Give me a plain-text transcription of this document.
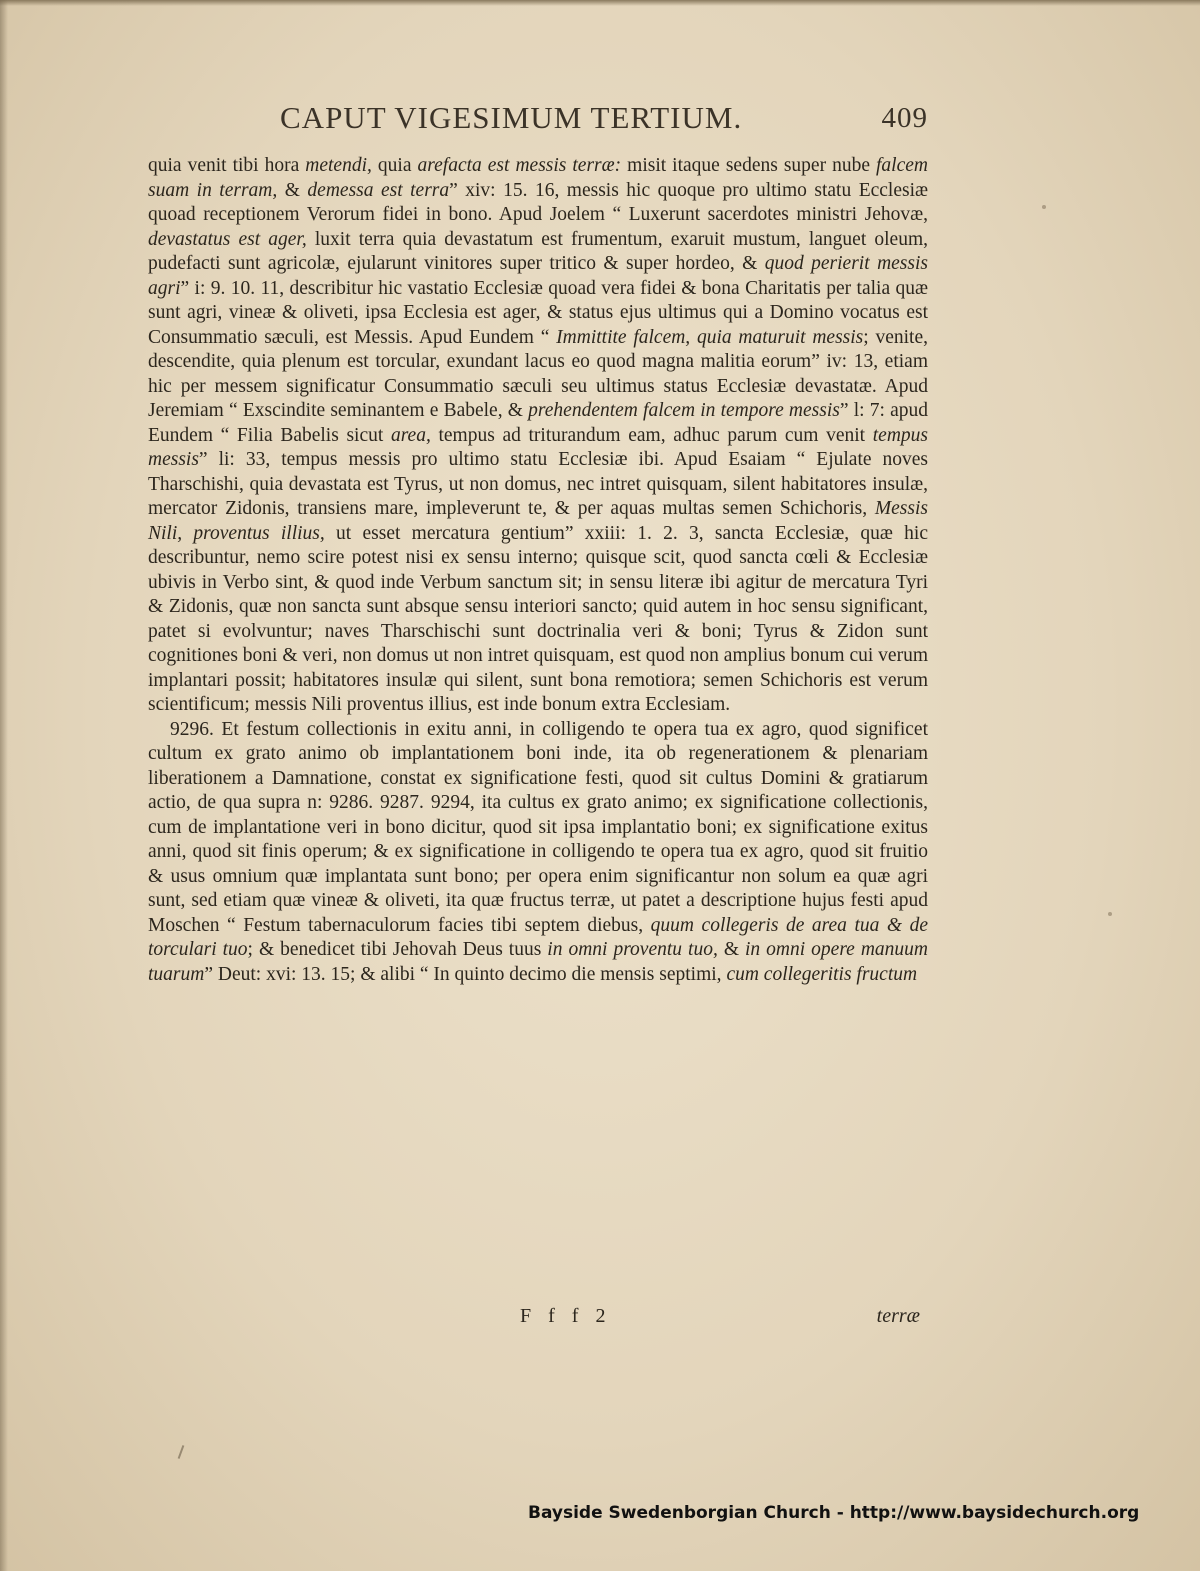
CAPUT VIGESIMUM TERTIUM.	409

quia venit tibi hora metendi, quia arefacta est messis terræ: misit itaque sedens super nube falcem suam in terram, & demessa est terra” xiv: 15. 16, messis hic quoque pro ultimo statu Ecclesiæ quoad receptionem Verorum fidei in bono. Apud Joelem “ Luxerunt sacerdotes ministri Jehovæ, devastatus est ager, luxit terra quia devastatum est frumentum, exaruit mustum, languet oleum, pudefacti sunt agricolæ, ejularunt vinitores super tritico & super hordeo, & quod perierit messis agri” i: 9. 10. 11, describitur hic vastatio Ecclesiæ quoad vera fidei & bona Charitatis per talia quæ sunt agri, vineæ & oliveti, ipsa Ecclesia est ager, & status ejus ultimus qui a Domino vocatus est Consummatio sæculi, est Messis. Apud Eundem “ Immittite falcem, quia maturuit messis; venite, descendite, quia plenum est torcular, exundant lacus eo quod magna malitia eorum” iv: 13, etiam hic per messem significatur Consummatio sæculi seu ultimus status Ecclesiæ devastatæ. Apud Jeremiam “ Exscindite seminantem e Babele, & prehendentem falcem in tempore messis” l: 7: apud Eundem “ Filia Babelis sicut area, tempus ad triturandum eam, adhuc parum cum venit tempus messis” li: 33, tempus messis pro ultimo statu Ecclesiæ ibi. Apud Esaiam “ Ejulate noves Tharschishi, quia devastata est Tyrus, ut non domus, nec intret quisquam, silent habitatores insulæ, mercator Zidonis, transiens mare, impleverunt te, & per aquas multas semen Schichoris, Messis Nili, proventus illius, ut esset mercatura gentium” xxiii: 1. 2. 3, sancta Ecclesiæ, quæ hic describuntur, nemo scire potest nisi ex sensu interno; quisque scit, quod sancta cœli & Ecclesiæ ubivis in Verbo sint, & quod inde Verbum sanctum sit; in sensu literæ ibi agitur de mercatura Tyri & Zidonis, quæ non sancta sunt absque sensu interiori sancto; quid autem in hoc sensu significant, patet si evolvuntur; naves Tharschischi sunt doctrinalia veri & boni; Tyrus & Zidon sunt cognitiones boni & veri, non domus ut non intret quisquam, est quod non amplius bonum cui verum implantari possit; habitatores insulæ qui silent, sunt bona remotiora; semen Schichoris est verum scientificum; messis Nili proventus illius, est inde bonum extra Ecclesiam.

9296. Et festum collectionis in exitu anni, in colligendo te opera tua ex agro, quod significet cultum ex grato animo ob implantationem boni inde, ita ob regenerationem & plenariam liberationem a Damnatione, constat ex significatione festi, quod sit cultus Domini & gratiarum actio, de qua supra n: 9286. 9287. 9294, ita cultus ex grato animo; ex significatione collectionis, cum de implantatione veri in bono dicitur, quod sit ipsa implantatio boni; ex significatione exitus anni, quod sit finis operum; & ex significatione in colligendo te opera tua ex agro, quod sit fruitio & usus omnium quæ implantata sunt bono; per opera enim significantur non solum ea quæ agri sunt, sed etiam quæ vineæ & oliveti, ita quæ fructus terræ, ut patet a descriptione hujus festi apud Moschen “ Festum tabernaculorum facies tibi septem diebus, quum collegeris de area tua & de torculari tuo; & benedicet tibi Jehovah Deus tuus in omni proventu tuo, & in omni opere manuum tuarum” Deut: xvi: 13. 15; & alibi “ In quinto decimo die mensis septimi, cum collegeritis fructum

F f f 2	terræ
Bayside Swedenborgian Church - http://www.baysidechurch.org
